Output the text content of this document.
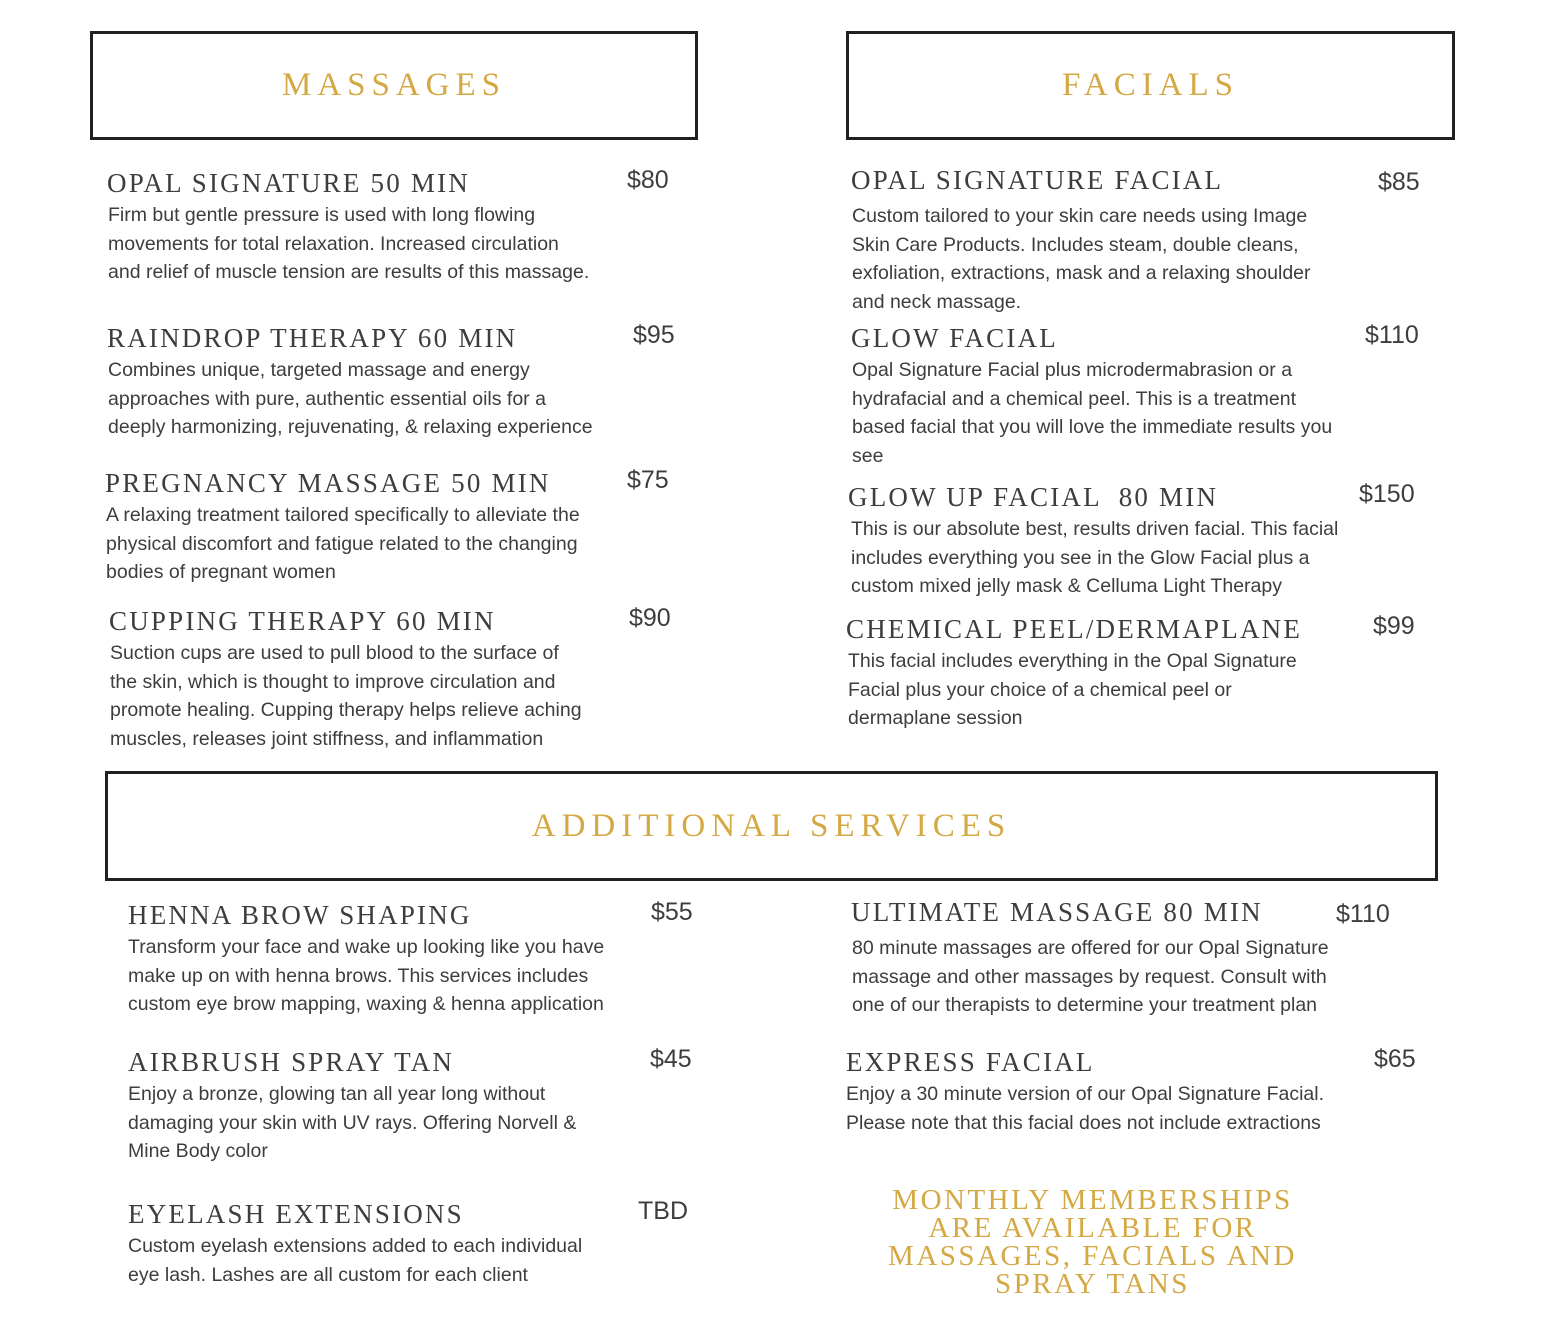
MASSAGES	FACIALS
ADDITIONAL SERVICES
OPAL SIGNATURE 50 MIN	$80
Firm but gentle pressure is used with long flowing
movements for total relaxation. Increased circulation
and relief of muscle tension are results of this massage.
RAINDROP THERAPY 60 MIN	$95
Combines unique, targeted massage and energy
approaches with pure, authentic essential oils for a
deeply harmonizing, rejuvenating, & relaxing experience
PREGNANCY MASSAGE 50 MIN	$75
A relaxing treatment tailored specifically to alleviate the
physical discomfort and fatigue related to the changing
bodies of pregnant women
CUPPING THERAPY 60 MIN	$90
Suction cups are used to pull blood to the surface of
the skin, which is thought to improve circulation and
promote healing. Cupping therapy helps relieve aching
muscles, releases joint stiffness, and inflammation
OPAL SIGNATURE FACIAL	$85
Custom tailored to your skin care needs using Image
Skin Care Products. Includes steam, double cleans,
exfoliation, extractions, mask and a relaxing shoulder
and neck massage.
GLOW FACIAL	$110
Opal Signature Facial plus microdermabrasion or a
hydrafacial and a chemical peel. This is a treatment
based facial that you will love the immediate results you
see
GLOW UP FACIAL  80 MIN	$150
This is our absolute best, results driven facial. This facial
includes everything you see in the Glow Facial plus a
custom mixed jelly mask & Celluma Light Therapy
CHEMICAL PEEL/DERMAPLANE	$99
This facial includes everything in the Opal Signature
Facial plus your choice of a chemical peel or
dermaplane session
HENNA BROW SHAPING	$55
Transform your face and wake up looking like you have
make up on with henna brows. This services includes
custom eye brow mapping, waxing & henna application
AIRBRUSH SPRAY TAN	$45
Enjoy a bronze, glowing tan all year long without
damaging your skin with UV rays. Offering Norvell &
Mine Body color
EYELASH EXTENSIONS	TBD
Custom eyelash extensions added to each individual
eye lash. Lashes are all custom for each client
ULTIMATE MASSAGE 80 MIN	$110
80 minute massages are offered for our Opal Signature
massage and other massages by request. Consult with
one of our therapists to determine your treatment plan
EXPRESS FACIAL	$65
Enjoy a 30 minute version of our Opal Signature Facial.
Please note that this facial does not include extractions
MONTHLY MEMBERSHIPS
ARE AVAILABLE FOR
MASSAGES, FACIALS AND
SPRAY TANS
